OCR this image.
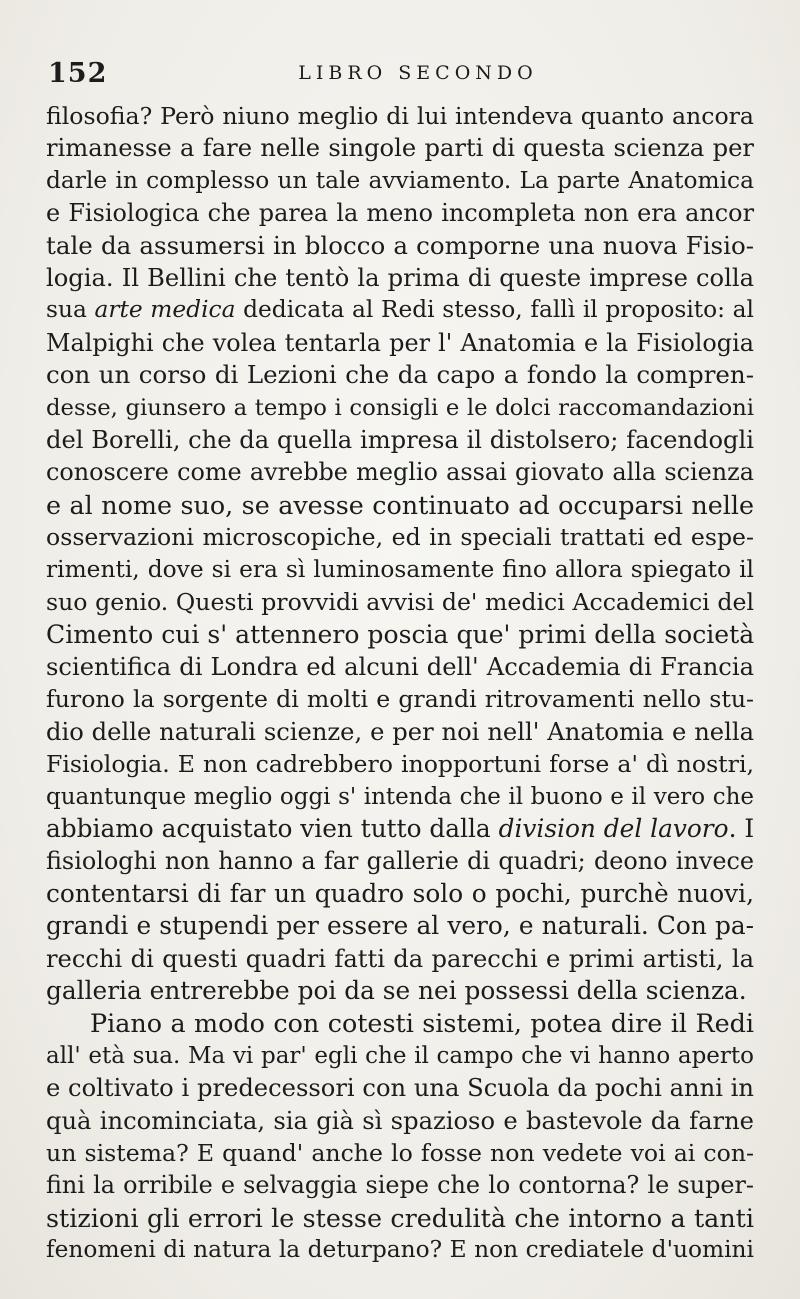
152	LIBRO SECONDO
filosofia? Però niuno meglio di lui intendeva quanto ancora
rimanesse a fare nelle singole parti di questa scienza per
darle in complesso un tale avviamento. La parte Anatomica
e Fisiologica che parea la meno incompleta non era ancor
tale da assumersi in blocco a comporne una nuova Fisio-
logia. Il Bellini che tentò la prima di queste imprese colla
sua arte medica dedicata al Redi stesso, fallì il proposito: al
Malpighi che volea tentarla per l' Anatomia e la Fisiologia
con un corso di Lezioni che da capo a fondo la compren-
desse, giunsero a tempo i consigli e le dolci raccomandazioni
del Borelli, che da quella impresa il distolsero; facendogli
conoscere come avrebbe meglio assai giovato alla scienza
e al nome suo, se avesse continuato ad occuparsi nelle
osservazioni microscopiche, ed in speciali trattati ed espe-
rimenti, dove si era sì luminosamente fino allora spiegato il
suo genio. Questi provvidi avvisi de' medici Accademici del
Cimento cui s' attennero poscia que' primi della società
scientifica di Londra ed alcuni dell' Accademia di Francia
furono la sorgente di molti e grandi ritrovamenti nello stu-
dio delle naturali scienze, e per noi nell' Anatomia e nella
Fisiologia. E non cadrebbero inopportuni forse a' dì nostri,
quantunque meglio oggi s' intenda che il buono e il vero che
abbiamo acquistato vien tutto dalla division del lavoro. I
fisiologhi non hanno a far gallerie di quadri; deono invece
contentarsi di far un quadro solo o pochi, purchè nuovi,
grandi e stupendi per essere al vero, e naturali. Con pa-
recchi di questi quadri fatti da parecchi e primi artisti, la
galleria entrerebbe poi da se nei possessi della scienza.
Piano a modo con cotesti sistemi, potea dire il Redi
all' età sua. Ma vi par' egli che il campo che vi hanno aperto
e coltivato i predecessori con una Scuola da pochi anni in
quà incominciata, sia già sì spazioso e bastevole da farne
un sistema? E quand' anche lo fosse non vedete voi ai con-
fini la orribile e selvaggia siepe che lo contorna? le super-
stizioni gli errori le stesse credulità che intorno a tanti
fenomeni di natura la deturpano? E non crediatele d'uomini
